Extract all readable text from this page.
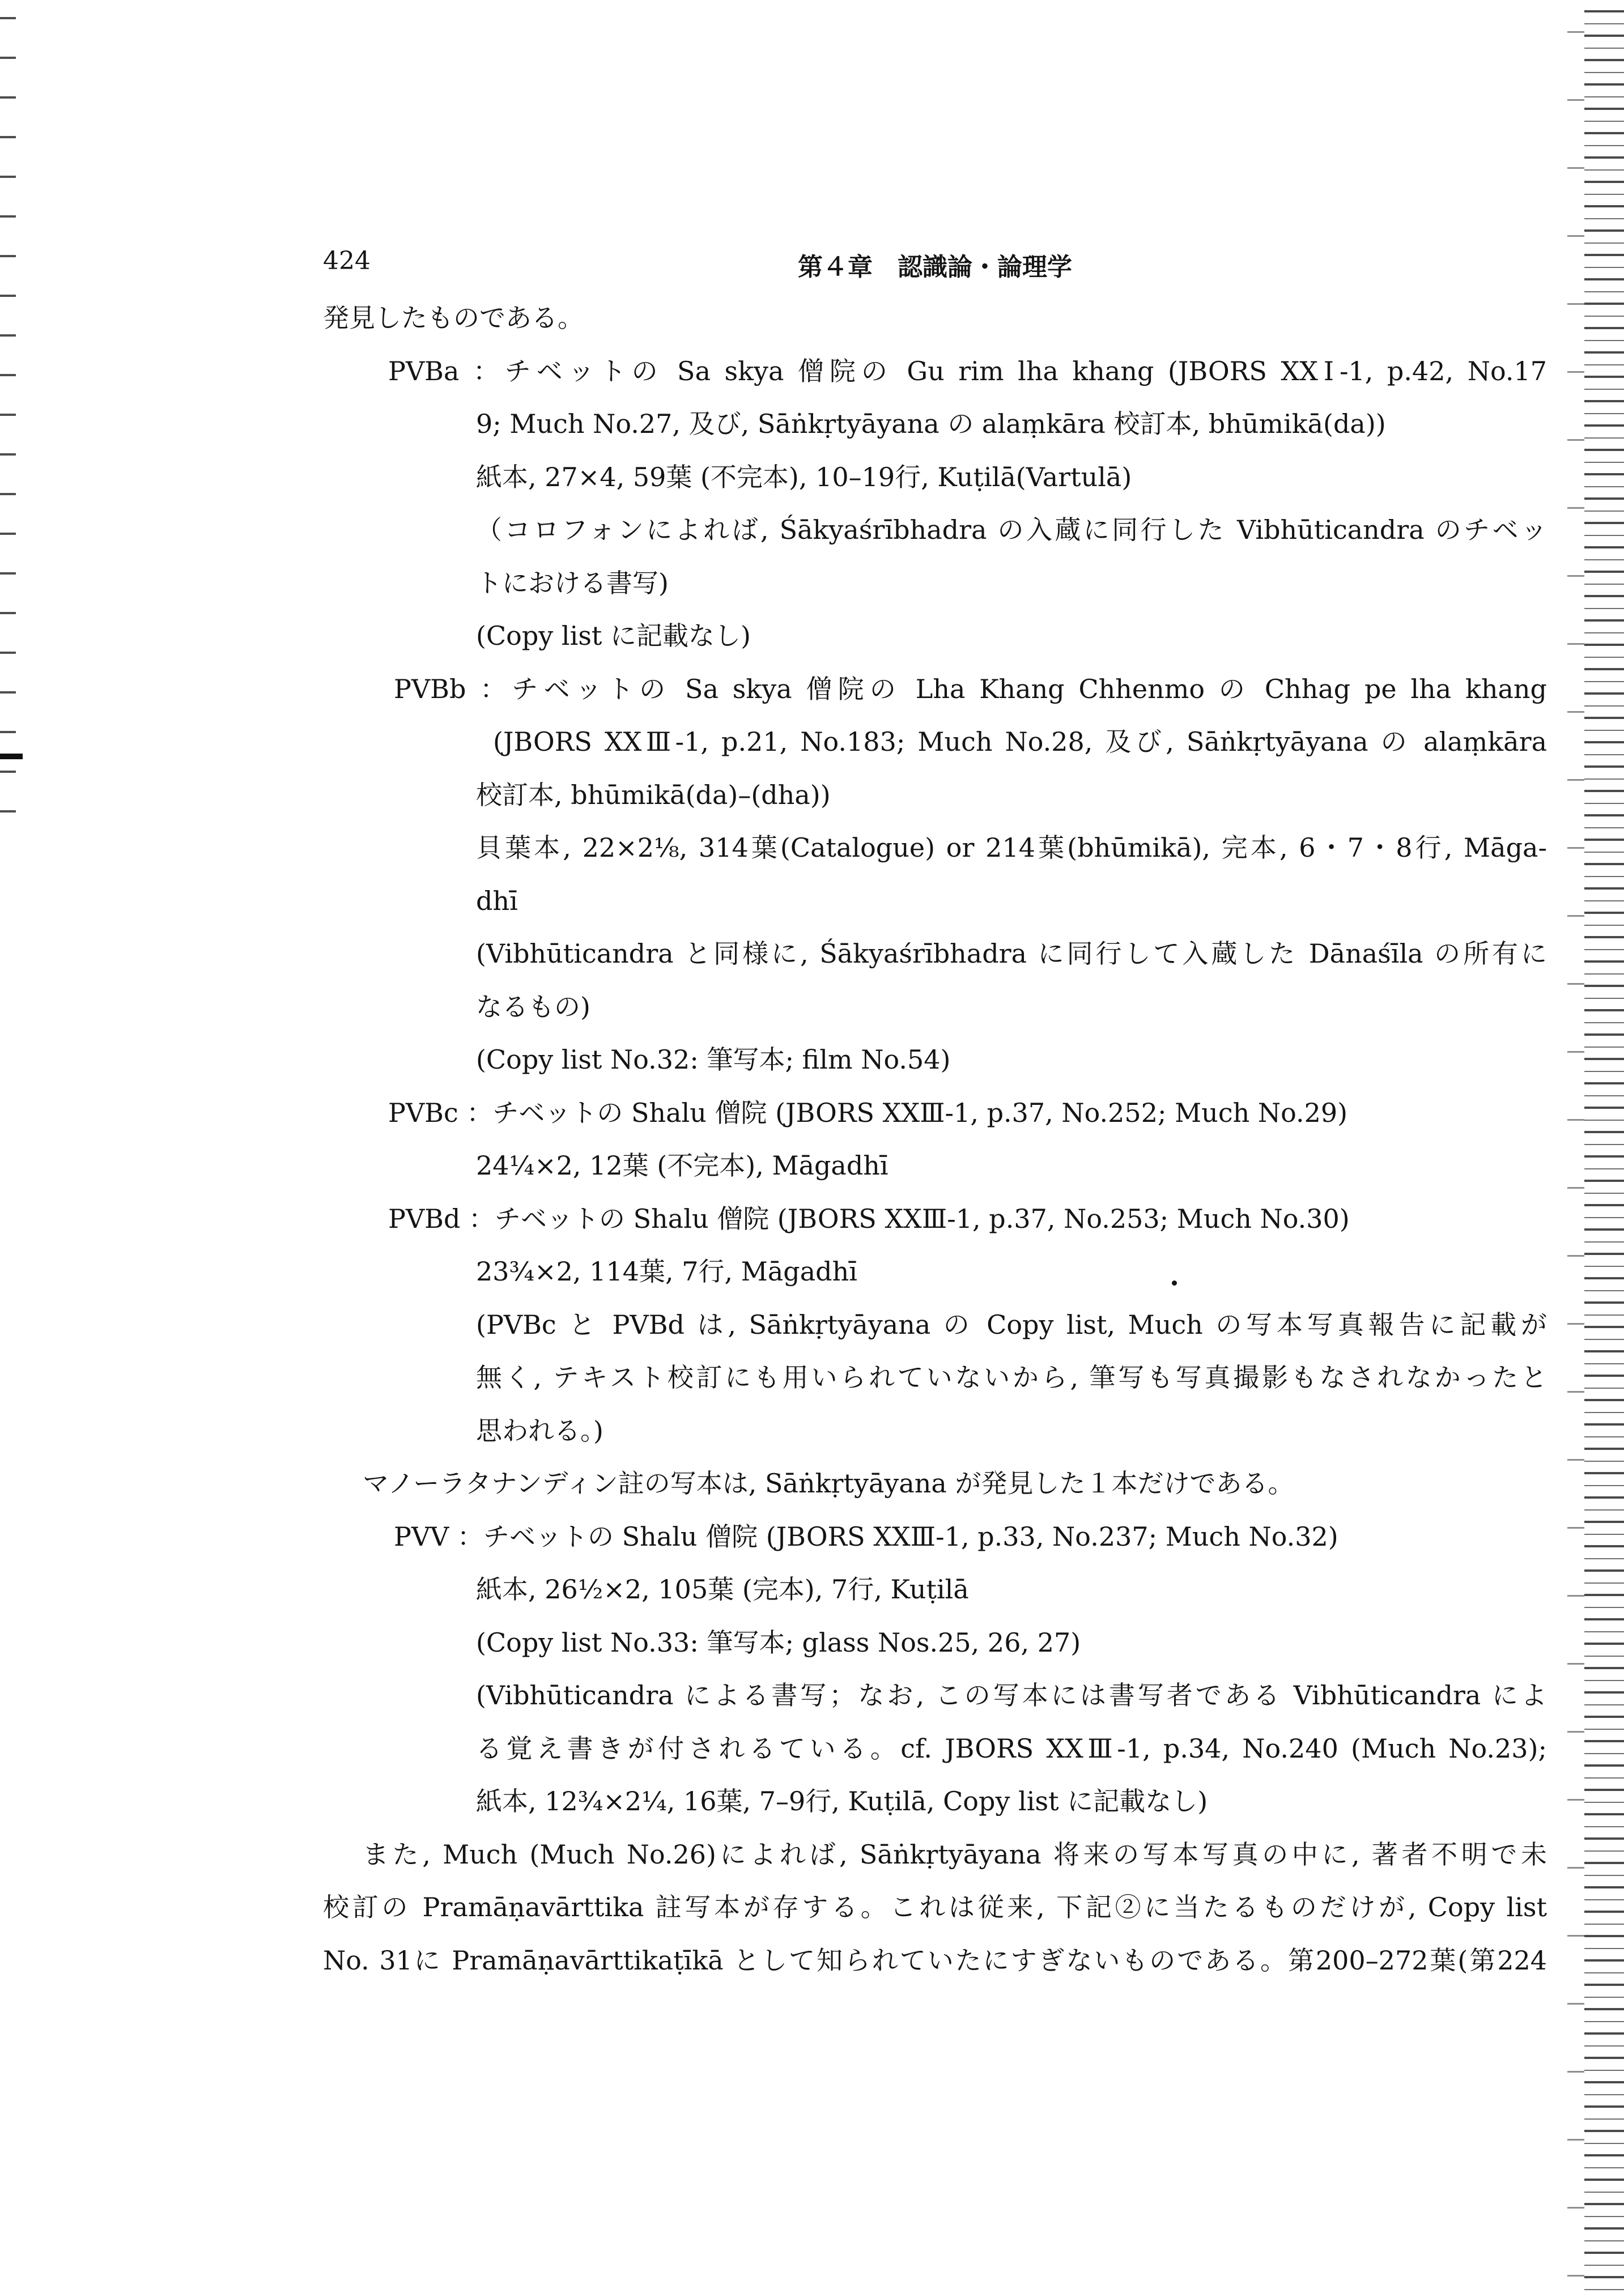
424	第４章　認識論・論理学
発見したものである。
PVBa ：チベットの Sa skya 僧院の Gu rim lha khang (JBORS XXⅠ-1, p.42, No.17
9; Much No.27, 及び, Sāṅkṛtyāyana の alaṃkāra 校訂本, bhūmikā(da))
紙本, 27×4, 59葉 (不完本), 10–19行, Kuṭilā(Vartulā)
（コロフォンによれば, Śākyaśrībhadra の入蔵に同行した Vibhūticandra のチベッ
トにおける書写)
(Copy list に記載なし)
PVBb ：チベットの Sa skya 僧院の Lha Khang Chhenmo の Chhag pe lha khang
(JBORS XXⅢ-1, p.21, No.183; Much No.28, 及び, Sāṅkṛtyāyana の alaṃkāra
校訂本, bhūmikā(da)–(dha))
貝葉本, 22×2⅛, 314葉(Catalogue) or 214葉(bhūmikā), 完本, 6・7・8行, Māga-
dhī
(Vibhūticandra と同様に, Śākyaśrībhadra に同行して入蔵した Dānaśīla の所有に
なるもの)
(Copy list No.32: 筆写本; film No.54)
PVBc ：チベットの Shalu 僧院 (JBORS XXⅢ-1, p.37, No.252; Much No.29)
24¼×2, 12葉 (不完本), Māgadhī
PVBd ：チベットの Shalu 僧院 (JBORS XXⅢ-1, p.37, No.253; Much No.30)
23¾×2, 114葉, 7行, Māgadhī
(PVBc と PVBd は, Sāṅkṛtyāyana の Copy list, Much の写本写真報告に記載が
無く, テキスト校訂にも用いられていないから, 筆写も写真撮影もなされなかったと
思われる。)
マノーラタナンディン註の写本は, Sāṅkṛtyāyana が発見した１本だけである。
PVV ：チベットの Shalu 僧院 (JBORS XXⅢ-1, p.33, No.237; Much No.32)
紙本, 26½×2, 105葉 (完本), 7行, Kuṭilā
(Copy list No.33: 筆写本; glass Nos.25, 26, 27)
(Vibhūticandra による書写；なお, この写本には書写者である Vibhūticandra によ
る覚え書きが付されるている。cf. JBORS XXⅢ-1, p.34, No.240 (Much No.23);
紙本, 12¾×2¼, 16葉, 7–9行, Kuṭilā, Copy list に記載なし)
また, Much (Much No.26)によれば, Sāṅkṛtyāyana 将来の写本写真の中に, 著者不明で未
校訂の Pramāṇavārttika 註写本が存する。これは従来, 下記②に当たるものだけが, Copy list
No. 31に Pramāṇavārttikaṭīkā として知られていたにすぎないものである。第200–272葉(第224
